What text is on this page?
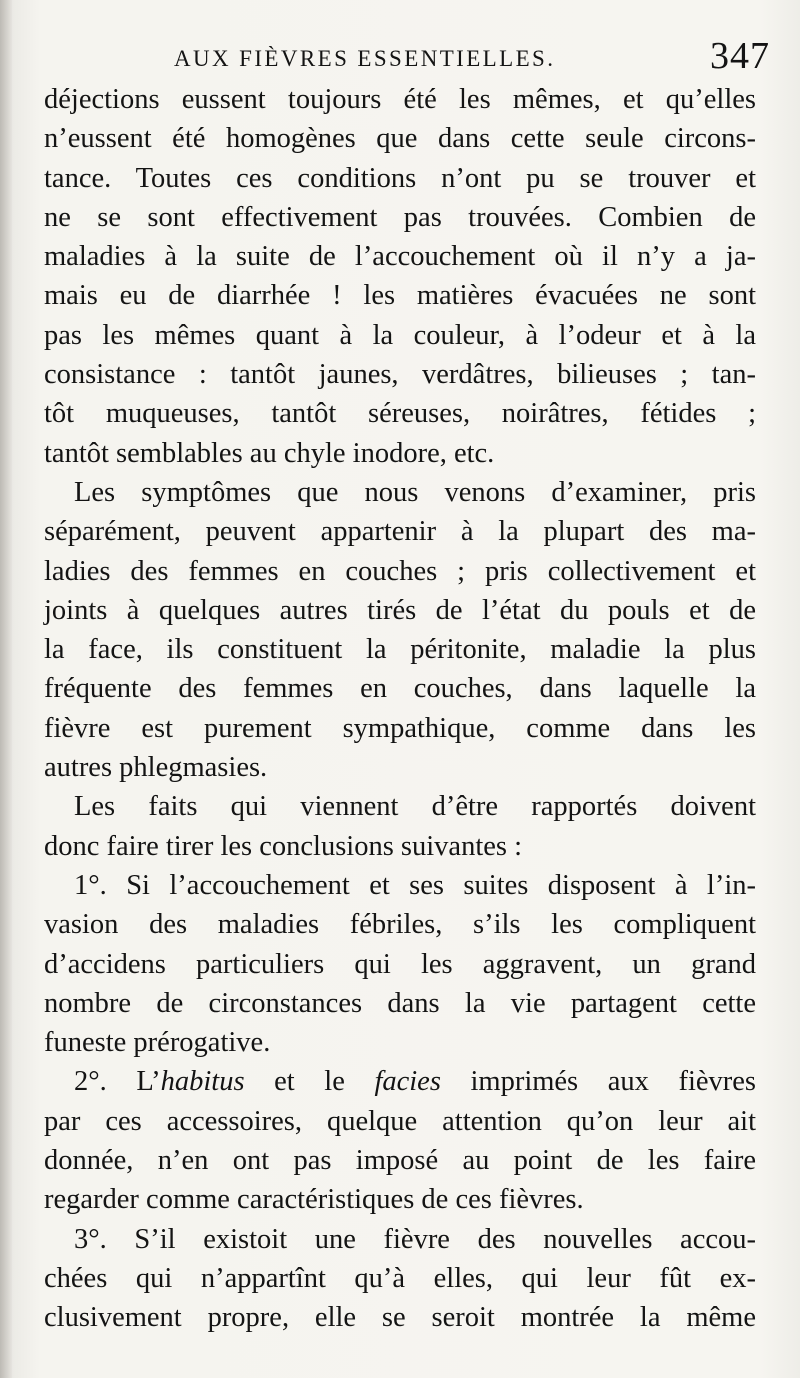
AUX FIÈVRES ESSENTIELLES.	347
déjections eussent toujours été les mêmes, et qu’elles
n’eussent été homogènes que dans cette seule circons-
tance. Toutes ces conditions n’ont pu se trouver et
ne se sont effectivement pas trouvées. Combien de
maladies à la suite de l’accouchement où il n’y a ja-
mais eu de diarrhée ! les matières évacuées ne sont
pas les mêmes quant à la couleur, à l’odeur et à la
consistance : tantôt jaunes, verdâtres, bilieuses ; tan-
tôt muqueuses, tantôt séreuses, noirâtres, fétides ;
tantôt semblables au chyle inodore, etc.
Les symptômes que nous venons d’examiner, pris
séparément, peuvent appartenir à la plupart des ma-
ladies des femmes en couches ; pris collectivement et
joints à quelques autres tirés de l’état du pouls et de
la face, ils constituent la péritonite, maladie la plus
fréquente des femmes en couches, dans laquelle la
fièvre est purement sympathique, comme dans les
autres phlegmasies.
Les faits qui viennent d’être rapportés doivent
donc faire tirer les conclusions suivantes :
1°. Si l’accouchement et ses suites disposent à l’in-
vasion des maladies fébriles, s’ils les compliquent
d’accidens particuliers qui les aggravent, un grand
nombre de circonstances dans la vie partagent cette
funeste prérogative.
2°. L’habitus et le facies imprimés aux fièvres
par ces accessoires, quelque attention qu’on leur ait
donnée, n’en ont pas imposé au point de les faire
regarder comme caractéristiques de ces fièvres.
3°. S’il existoit une fièvre des nouvelles accou-
chées qui n’appartînt qu’à elles, qui leur fût ex-
clusivement propre, elle se seroit montrée la même
